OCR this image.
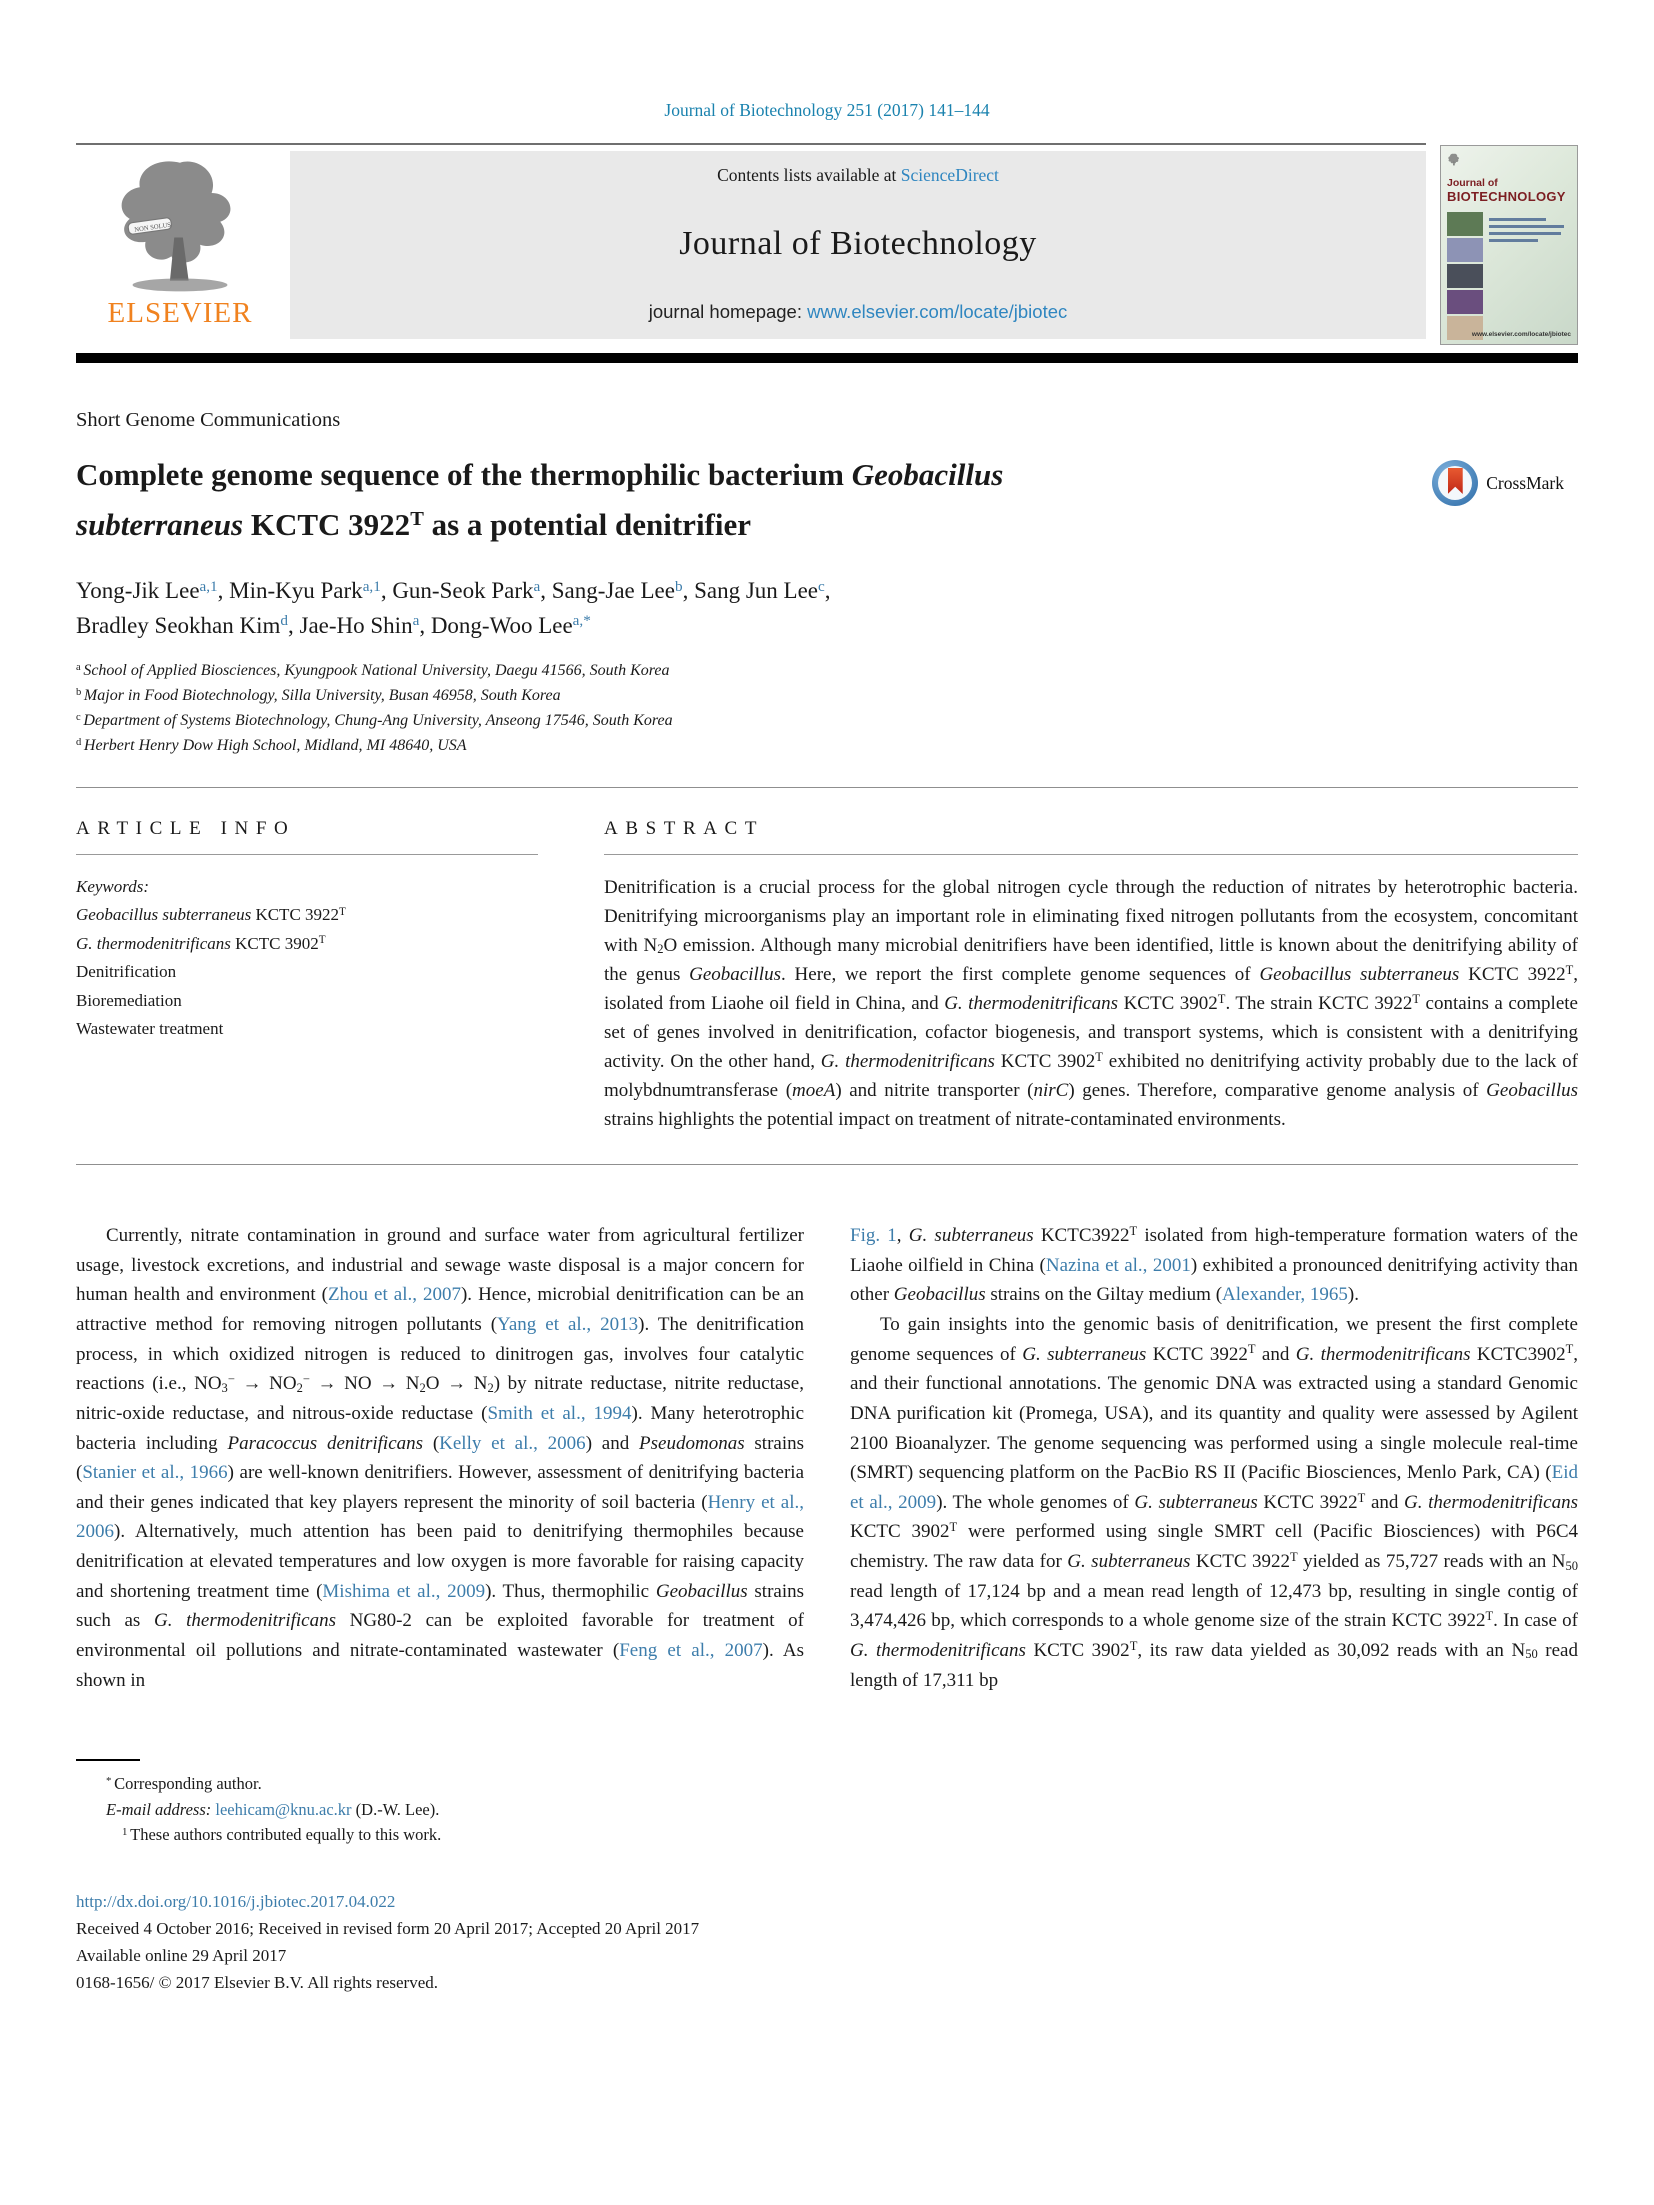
Journal of Biotechnology 251 (2017) 141–144

NON SOLUS
ELSEVIER
Contents lists available at ScienceDirect
Journal of Biotechnology
journal homepage: www.elsevier.com/locate/jbiotec
Journal of
BIOTECHNOLOGY
www.elsevier.com/locate/jbiotec
Short Genome Communications
Complete genome sequence of the thermophilic bacterium Geobacillus
subterraneus KCTC $3922^T$ as a potential denitrifier
CrossMark
Yong-Jik Lee$^{a,1}$, Min-Kyu Park$^{a,1}$, Gun-Seok Park$^a$, Sang-Jae Lee$^b$, Sang Jun Lee$^c$,
Bradley Seokhan Kim$^d$, Jae-Ho Shin$^a$, Dong-Woo Lee$^{a,*}$
$^a$ School of Applied Biosciences, Kyungpook National University, Daegu 41566, South Korea
$^b$ Major in Food Biotechnology, Silla University, Busan 46958, South Korea
$^c$ Department of Systems Biotechnology, Chung-Ang University, Anseong 17546, South Korea
$^d$ Herbert Henry Dow High School, Midland, MI 48640, USA
ARTICLE INFO
Keywords:
Geobacillus subterraneus KCTC $3922^T$
G. thermodenitrificans KCTC $3902^T$
Denitrification
Bioremediation
Wastewater treatment
ABSTRACT

Denitrification is a crucial process for the global nitrogen cycle through the reduction of nitrates by heterotrophic bacteria. Denitrifying microorganisms play an important role in eliminating fixed nitrogen pollutants from the ecosystem, concomitant with $N_2O$ emission. Although many microbial denitrifiers have been identified, little is known about the denitrifying ability of the genus Geobacillus. Here, we report the first complete genome sequences of Geobacillus subterraneus KCTC $3922^T$, isolated from Liaohe oil field in China, and G. thermodenitrificans KCTC $3902^T$. The strain KCTC $3922^T$ contains a complete set of genes involved in denitrification, cofactor biogenesis, and transport systems, which is consistent with a denitrifying activity. On the other hand, G. thermodenitrificans KCTC $3902^T$ exhibited no denitrifying activity probably due to the lack of molybdnumtransferase (moeA) and nitrite transporter (nirC) genes. Therefore, comparative genome analysis of Geobacillus strains highlights the potential impact on treatment of nitrate-contaminated environments.

Currently, nitrate contamination in ground and surface water from agricultural fertilizer usage, livestock excretions, and industrial and sewage waste disposal is a major concern for human health and environment (Zhou et al., 2007). Hence, microbial denitrification can be an attractive method for removing nitrogen pollutants (Yang et al., 2013). The denitrification process, in which oxidized nitrogen is reduced to dinitrogen gas, involves four catalytic reactions (i.e., $NO_3^- \to NO_2^-$ → NO → $N_2O \to N_2$) by nitrate reductase, nitrite reductase, nitric-oxide reductase, and nitrous-oxide reductase (Smith et al., 1994). Many heterotrophic bacteria including Paracoccus denitrificans (Kelly et al., 2006) and Pseudomonas strains (Stanier et al., 1966) are well-known denitrifiers. However, assessment of denitrifying bacteria and their genes indicated that key players represent the minority of soil bacteria (Henry et al., 2006). Alternatively, much attention has been paid to denitrifying thermophiles because denitrification at elevated temperatures and low oxygen is more favorable for raising capacity and shortening treatment time (Mishima et al., 2009). Thus, thermophilic Geobacillus strains such as G. thermodenitrificans NG80-2 can be exploited favorable for treatment of environmental oil pollutions and nitrate-contaminated wastewater (Feng et al., 2007). As shown in

Fig. 1, G. subterraneus $KCTC3922^T$ isolated from high-temperature formation waters of the Liaohe oilfield in China (Nazina et al., 2001) exhibited a pronounced denitrifying activity than other Geobacillus strains on the Giltay medium (Alexander, 1965).

To gain insights into the genomic basis of denitrification, we present the first complete genome sequences of G. subterraneus KCTC $3922^T$ and G. thermodenitrificans $KCTC3902^T$, and their functional annotations. The genomic DNA was extracted using a standard Genomic DNA purification kit (Promega, USA), and its quantity and quality were assessed by Agilent 2100 Bioanalyzer. The genome sequencing was performed using a single molecule real-time (SMRT) sequencing platform on the PacBio RS II (Pacific Biosciences, Menlo Park, CA) (Eid et al., 2009). The whole genomes of G. subterraneus KCTC $3922^T$ and G. thermodenitrificans KCTC $3902^T$ were performed using single SMRT cell (Pacific Biosciences) with P6C4 chemistry. The raw data for G. subterraneus KCTC $3922^T$ yielded as 75,727 reads with an $N_{50}$ read length of 17,124 bp and a mean read length of 12,473 bp, resulting in single contig of 3,474,426 bp, which corresponds to a whole genome size of the strain KCTC $3922^T$. In case of G. thermodenitrificans KCTC $3902^T$, its raw data yielded as 30,092 reads with an $N_{50}$ read length of 17,311 bp

* Corresponding author.
E-mail address: leehicam@knu.ac.kr (D.-W. Lee).
$^1$ These authors contributed equally to this work.
http://dx.doi.org/10.1016/j.jbiotec.2017.04.022
Received 4 October 2016; Received in revised form 20 April 2017; Accepted 20 April 2017
Available online 29 April 2017
0168-1656/ © 2017 Elsevier B.V. All rights reserved.
